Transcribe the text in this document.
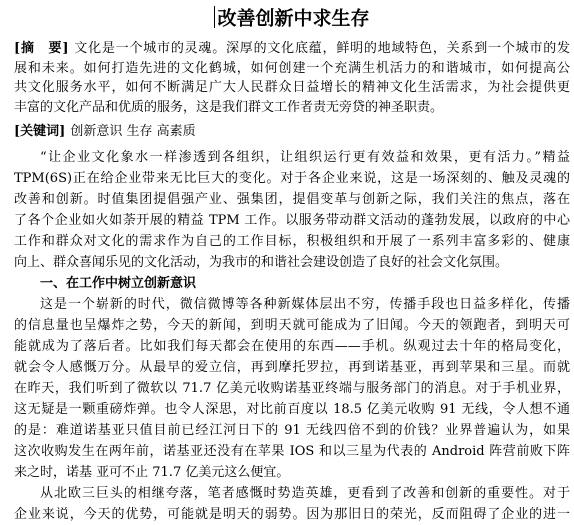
改善创新中求生存
[摘　要] 文化是一个城市的灵魂。深厚的文化底蕴，鲜明的地域特色，关系到一个城市的发
展和未来。如何打造先进的文化鹤城，如何创建一个充满生机活力的和谐城市，如何提高公
共文化服务水平，如何不断满足广大人民群众日益增长的精神文化生活需求，为社会提供更
丰富的文化产品和优质的服务，这是我们群文工作者责无旁贷的神圣职责。
[关键词] 创新意识 生存 高素质
“让企业文化象水一样渗透到各组织，让组织运行更有效益和效果，更有活力。”精益
TPM(6S)正在给企业带来无比巨大的变化。对于各企业来说，这是一场深刻的、触及灵魂的
改善和创新。时值集团提倡强产业、强集团，提倡变革与创新之际，我们关注的焦点，落在
了各个企业如火如荼开展的精益 TPM 工作。以服务带动群文活动的蓬勃发展，以政府的中心
工作和群众对文化的需求作为自己的工作目标，积极组织和开展了一系列丰富多彩的、健康
向上、群众喜闻乐见的文化活动，为我市的和谐社会建设创造了良好的社会文化氛围。
一、在工作中树立创新意识
这是一个崭新的时代，微信微博等各种新媒体层出不穷，传播手段也日益多样化，传播
的信息量也呈爆炸之势，今天的新闻，到明天就可能成为了旧闻。今天的领跑者，到明天可
能就成为了落后者。比如我们每天都会在使用的东西——手机。纵观过去十年的格局变化，
就会令人感慨万分。从最早的爱立信，再到摩托罗拉，再到诺基亚，再到苹果和三星。而就
在昨天，我们听到了微软以 71.7 亿美元收购诺基亚终端与服务部门的消息。对于手机业界，
这无疑是一颗重磅炸弹。也令人深思，对比前百度以 18.5 亿美元收购 91 无线，令人想不通
的是：难道诺基亚只值目前已经江河日下的 91 无线四倍不到的价钱？业界普遍认为，如果
这次收购发生在两年前，诺基亚还没有在苹果 IOS 和以三星为代表的 Android 阵营前败下阵
来之时，诺基 亚可不止 71.7 亿美元这么便宜。
从北欧三巨头的相继夸落，笔者感慨时势造英雄，更看到了改善和创新的重要性。对于
企业来说，今天的优势，可能就是明天的弱势。因为那旧日的荣光，反而阻碍了企业的进一
